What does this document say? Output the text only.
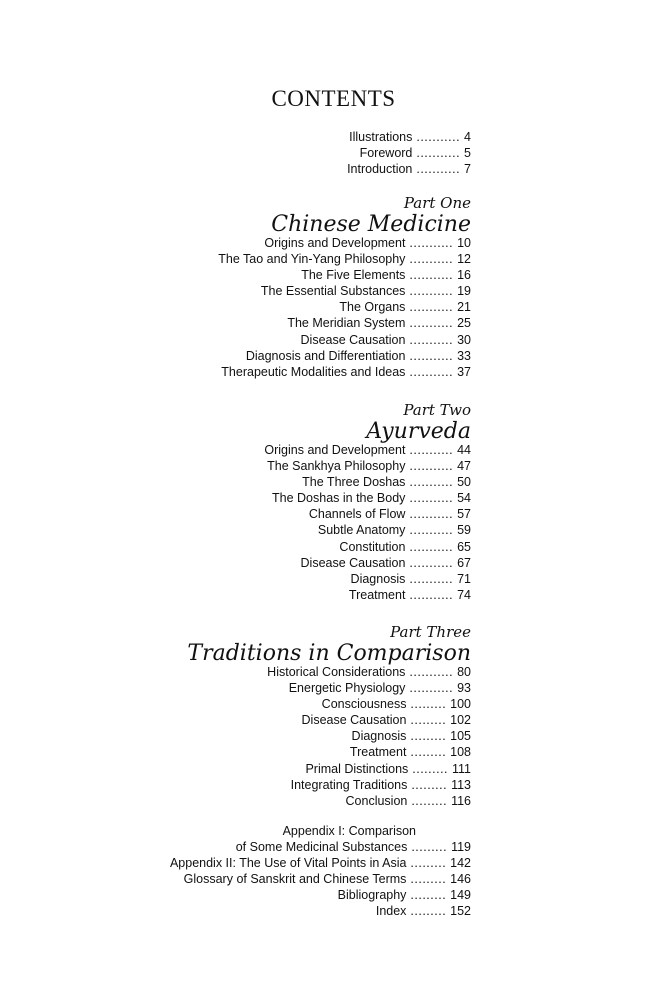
CONTENTS
Illustrations ........... 4
Foreword ........... 5
Introduction ........... 7
Part One
Chinese Medicine
Origins and Development ........... 10
The Tao and Yin-Yang Philosophy ........... 12
The Five Elements ........... 16
The Essential Substances ........... 19
The Organs ........... 21
The Meridian System ........... 25
Disease Causation ........... 30
Diagnosis and Differentiation ........... 33
Therapeutic Modalities and Ideas ........... 37
Part Two
Ayurveda
Origins and Development ........... 44
The Sankhya Philosophy ........... 47
The Three Doshas ........... 50
The Doshas in the Body ........... 54
Channels of Flow ........... 57
Subtle Anatomy ........... 59
Constitution ........... 65
Disease Causation ........... 67
Diagnosis ........... 71
Treatment ........... 74
Part Three
Traditions in Comparison
Historical Considerations ........... 80
Energetic Physiology ........... 93
Consciousness ......... 100
Disease Causation ......... 102
Diagnosis ......... 105
Treatment ......... 108
Primal Distinctions ......... 111
Integrating Traditions ......... 113
Conclusion ......... 116
Appendix I: Comparison
of Some Medicinal Substances ......... 119
Appendix II: The Use of Vital Points in Asia ......... 142
Glossary of Sanskrit and Chinese Terms ......... 146
Bibliography ......... 149
Index ......... 152
